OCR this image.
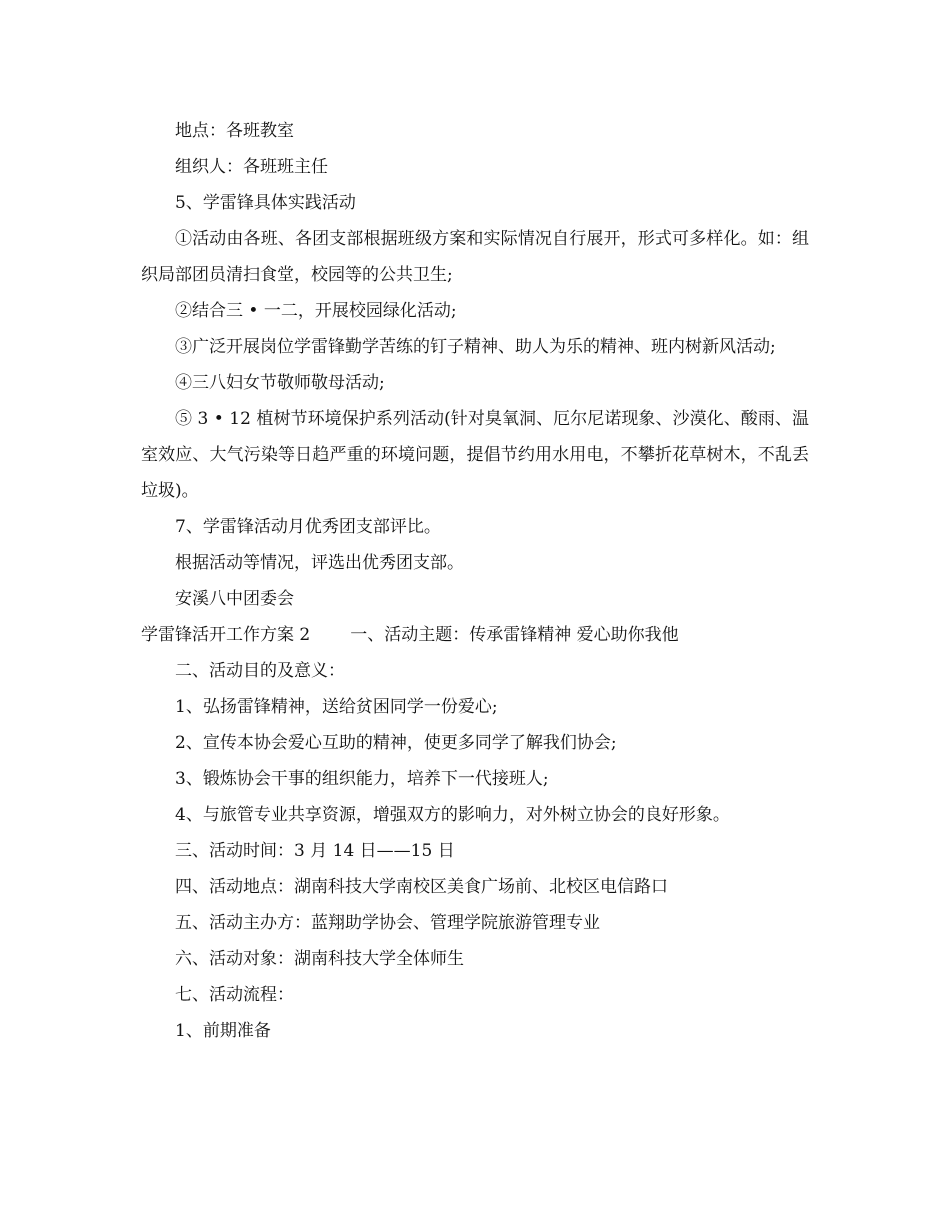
地点：各班教室

组织人：各班班主任

5、学雷锋具体实践活动

①活动由各班、各团支部根据班级方案和实际情况自行展开，形式可多样化。如：组织局部团员清扫食堂，校园等的公共卫生;

②结合三 • 一二，开展校园绿化活动;

③广泛开展岗位学雷锋勤学苦练的钉子精神、助人为乐的精神、班内树新风活动;

④三八妇女节敬师敬母活动;

⑤ 3 • 12 植树节环境保护系列活动(针对臭氧洞、厄尔尼诺现象、沙漠化、酸雨、温室效应、大气污染等日趋严重的环境问题，提倡节约用水用电，不攀折花草树木，不乱丢垃圾)。

7、学雷锋活动月优秀团支部评比。

根据活动等情况，评选出优秀团支部。

安溪八中团委会

学雷锋活开工作方案 2 一、活动主题：传承雷锋精神 爱心助你我他

二、活动目的及意义：

1、弘扬雷锋精神，送给贫困同学一份爱心;

2、宣传本协会爱心互助的精神，使更多同学了解我们协会;

3、锻炼协会干事的组织能力，培养下一代接班人;

4、与旅管专业共享资源，增强双方的影响力，对外树立协会的良好形象。

三、活动时间：3 月 14 日——15 日

四、活动地点：湖南科技大学南校区美食广场前、北校区电信路口

五、活动主办方：蓝翔助学协会、管理学院旅游管理专业

六、活动对象：湖南科技大学全体师生

七、活动流程：

1、前期准备
